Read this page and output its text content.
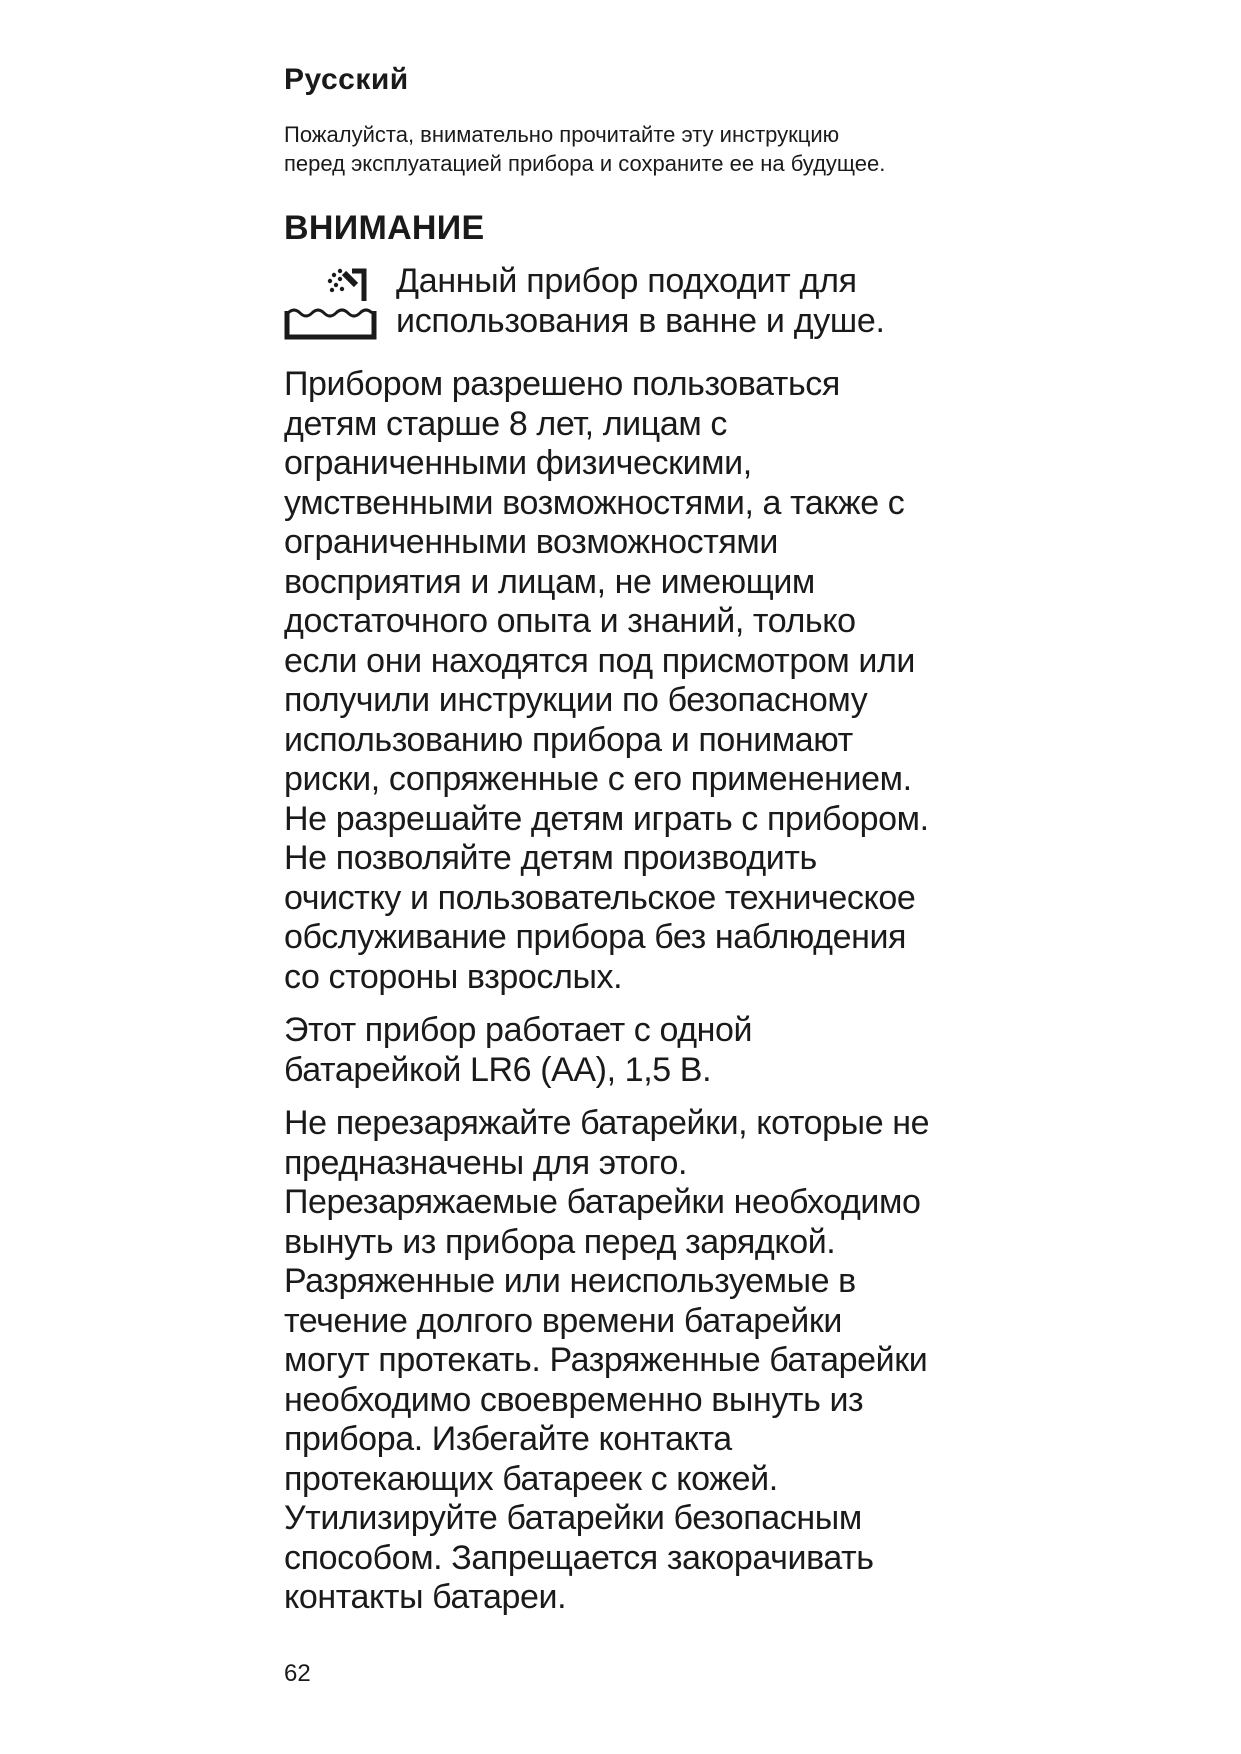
Русский

Пожалуйста, внимательно прочитайте эту инструкцию перед эксплуатацией прибора и сохраните ее на будущее.

ВНИМАНИЕ

Данный прибор подходит для использования в ванне и душе.

Прибором разрешено пользоваться
детям старше 8 лет, лицам с
ограниченными физическими,
умственными возможностями, а также с
ограниченными возможностями
восприятия и лицам, не имеющим
достаточного опыта и знаний, только
если они находятся под присмотром или
получили инструкции по безопасному
использованию прибора и понимают
риски, сопряженные с его применением.
Не разрешайте детям играть с прибором.
Не позволяйте детям производить
очистку и пользовательское техническое
обслуживание прибора без наблюдения
со стороны взрослых.

Этот прибор работает с одной
батарейкой LR6 (AA), 1,5 В.

Не перезаряжайте батарейки, которые не
предназначены для этого.
Перезаряжаемые батарейки необходимо
вынуть из прибора перед зарядкой.
Разряженные или неиспользуемые в
течение долгого времени батарейки
могут протекать. Разряженные батарейки
необходимо своевременно вынуть из
прибора. Избегайте контакта
протекающих батареек с кожей.
Утилизируйте батарейки безопасным
способом. Запрещается закорачивать
контакты батареи.

62
